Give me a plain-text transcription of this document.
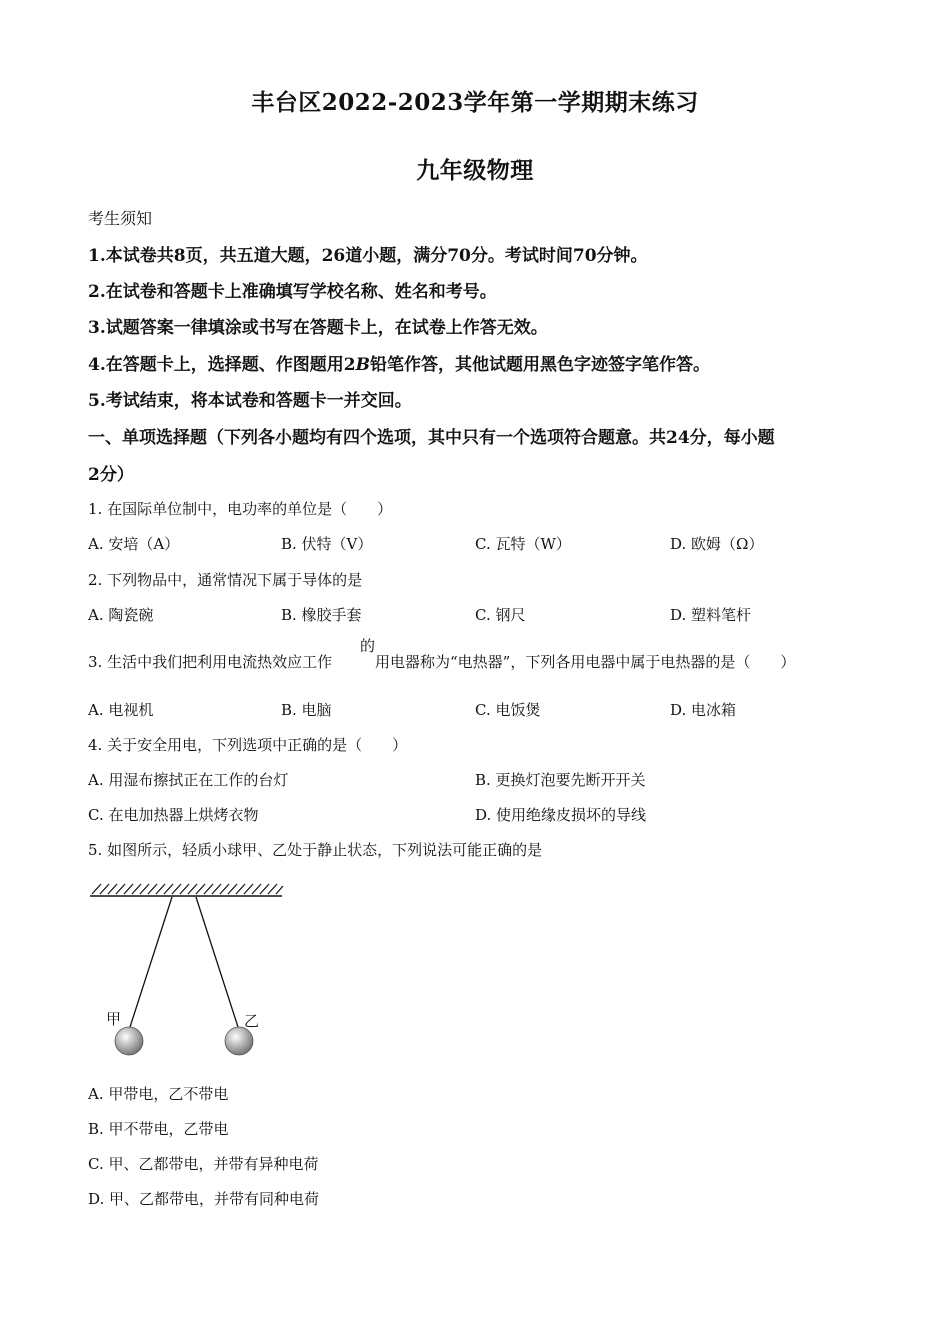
丰台区2022-2023学年第一学期期末练习
九年级物理
考生须知
1.本试卷共8页，共五道大题，26道小题，满分70分。考试时间70分钟。
2.在试卷和答题卡上准确填写学校名称、姓名和考号。
3.试题答案一律填涂或书写在答题卡上，在试卷上作答无效。
4.在答题卡上，选择题、作图题用2B铅笔作答，其他试题用黑色字迹签字笔作答。
5.考试结束，将本试卷和答题卡一并交回。
一、单项选择题（下列各小题均有四个选项，其中只有一个选项符合题意。共24分，每小题
2分）
1. 在国际单位制中，电功率的单位是（　　）
A. 安培（A）	B. 伏特（V）	C. 瓦特（W）	D. 欧姆（Ω）
2. 下列物品中，通常情况下属于导体的是
A. 陶瓷碗	B. 橡胶手套	C. 钢尺	D. 塑料笔杆
3. 生活中我们把利用电流热效应工作
的
用电器称为“电热器”，下列各用电器中属于电热器的是（　　）
A. 电视机	B. 电脑	C. 电饭煲	D. 电冰箱
4. 关于安全用电，下列选项中正确的是（　　）
A. 用湿布擦拭正在工作的台灯	B. 更换灯泡要先断开开关
C. 在电加热器上烘烤衣物	D. 使用绝缘皮损坏的导线
5. 如图所示，轻质小球甲、乙处于静止状态，下列说法可能正确的是
甲	乙
A. 甲带电，乙不带电
B. 甲不带电，乙带电
C. 甲、乙都带电，并带有异种电荷
D. 甲、乙都带电，并带有同种电荷
